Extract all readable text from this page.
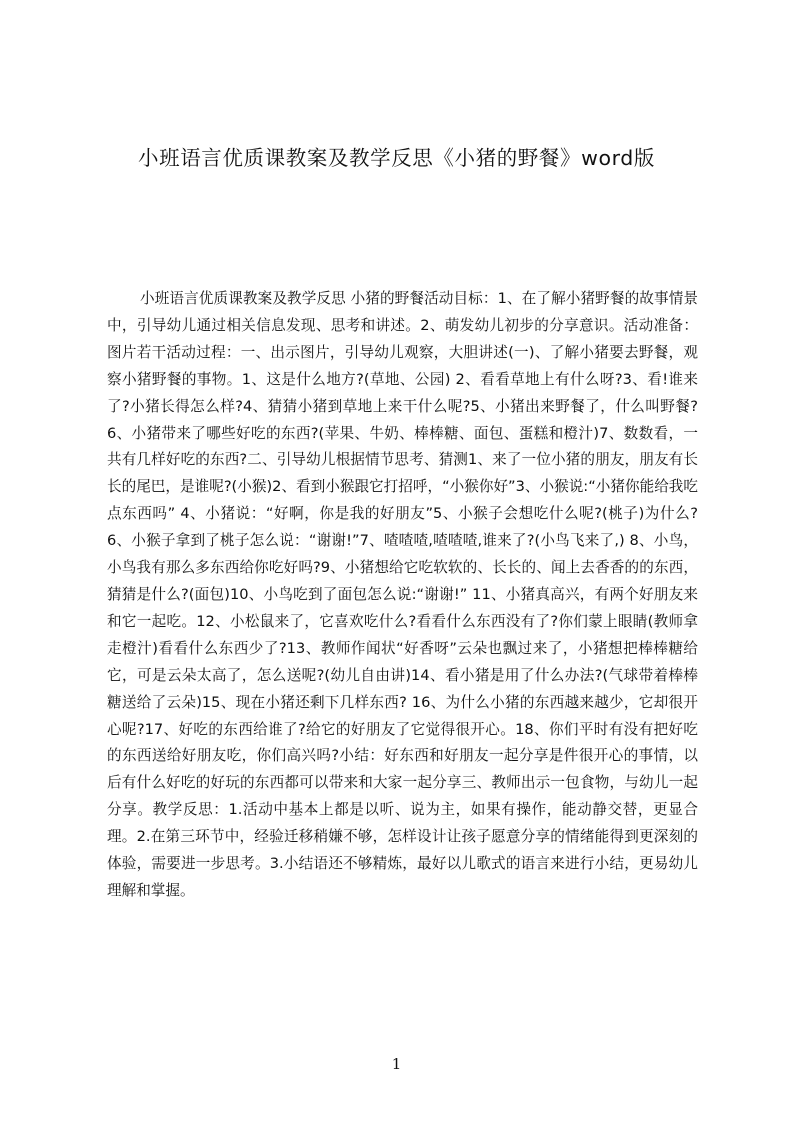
小班语言优质课教案及教学反思《小猪的野餐》word版

小班语言优质课教案及教学反思 小猪的野餐活动目标：1、在了解小猪野餐的故事情景中，引导幼儿通过相关信息发现、思考和讲述。2、萌发幼儿初步的分享意识。活动准备：图片若干活动过程：一、出示图片，引导幼儿观察，大胆讲述(一)、了解小猪要去野餐，观察小猪野餐的事物。1、这是什么地方?(草地、公园) 2、看看草地上有什么呀?3、看!谁来了?小猪长得怎么样?4、猜猜小猪到草地上来干什么呢?5、小猪出来野餐了，什么叫野餐?6、小猪带来了哪些好吃的东西?(苹果、牛奶、棒棒糖、面包、蛋糕和橙汁)7、数数看，一共有几样好吃的东西?二、引导幼儿根据情节思考、猜测1、来了一位小猪的朋友，朋友有长长的尾巴，是谁呢?(小猴)2、看到小猴跟它打招呼，“小猴你好”3、小猴说:“小猪你能给我吃点东西吗” 4、小猪说：“好啊，你是我的好朋友”5、小猴子会想吃什么呢?(桃子)为什么?6、小猴子拿到了桃子怎么说：“谢谢!”7、喳喳喳,喳喳喳,谁来了?(小鸟飞来了,) 8、小鸟，小鸟我有那么多东西给你吃好吗?9、小猪想给它吃软软的、长长的、闻上去香香的的东西，猜猜是什么?(面包)10、小鸟吃到了面包怎么说:“谢谢!” 11、小猪真高兴，有两个好朋友来和它一起吃。12、小松鼠来了，它喜欢吃什么?看看什么东西没有了?你们蒙上眼睛(教师拿走橙汁)看看什么东西少了?13、教师作闻状“好香呀”云朵也飘过来了，小猪想把棒棒糖给它，可是云朵太高了，怎么送呢?(幼儿自由讲)14、看小猪是用了什么办法?(气球带着棒棒糖送给了云朵)15、现在小猪还剩下几样东西? 16、为什么小猪的东西越来越少，它却很开心呢?17、好吃的东西给谁了?给它的好朋友了它觉得很开心。18、你们平时有没有把好吃的东西送给好朋友吃，你们高兴吗?小结：好东西和好朋友一起分享是件很开心的事情，以后有什么好吃的好玩的东西都可以带来和大家一起分享三、教师出示一包食物，与幼儿一起分享。教学反思：1.活动中基本上都是以听、说为主，如果有操作，能动静交替，更显合理。2.在第三环节中，经验迁移稍嫌不够，怎样设计让孩子愿意分享的情绪能得到更深刻的体验，需要进一步思考。3.小结语还不够精炼，最好以儿歌式的语言来进行小结，更易幼儿理解和掌握。

1
